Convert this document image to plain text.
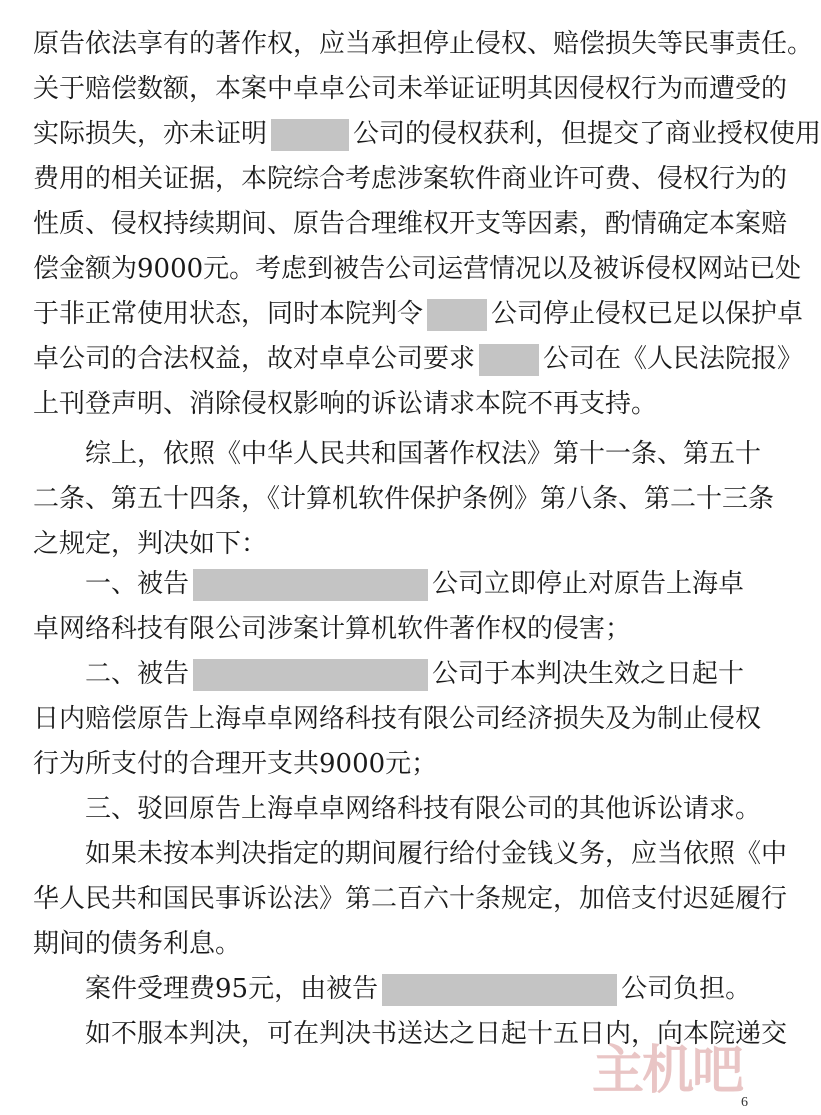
原告依法享有的著作权，应当承担停止侵权、赔偿损失等民事责任。
关于赔偿数额，本案中卓卓公司未举证证明其因侵权行为而遭受的
实际损失，亦未证明	公司的侵权获利，但提交了商业授权使用
费用的相关证据，本院综合考虑涉案软件商业许可费、侵权行为的
性质、侵权持续期间、原告合理维权开支等因素，酌情确定本案赔
偿金额为9000元。考虑到被告公司运营情况以及被诉侵权网站已处
于非正常使用状态，同时本院判令	公司停止侵权已足以保护卓
卓公司的合法权益，故对卓卓公司要求	公司在《人民法院报》
上刊登声明、消除侵权影响的诉讼请求本院不再支持。
　　综上，依照《中华人民共和国著作权法》第十一条、第五十
二条、第五十四条，《计算机软件保护条例》第八条、第二十三条
之规定，判决如下：
　　一、被告	公司立即停止对原告上海卓
卓网络科技有限公司涉案计算机软件著作权的侵害；
　　二、被告	公司于本判决生效之日起十
日内赔偿原告上海卓卓网络科技有限公司经济损失及为制止侵权
行为所支付的合理开支共9000元；
　　三、驳回原告上海卓卓网络科技有限公司的其他诉讼请求。
　　如果未按本判决指定的期间履行给付金钱义务，应当依照《中
华人民共和国民事诉讼法》第二百六十条规定，加倍支付迟延履行
期间的债务利息。
　　案件受理费95元，由被告	公司负担。
　　如不服本判决，可在判决书送达之日起十五日内，向本院递交
主机吧
6
